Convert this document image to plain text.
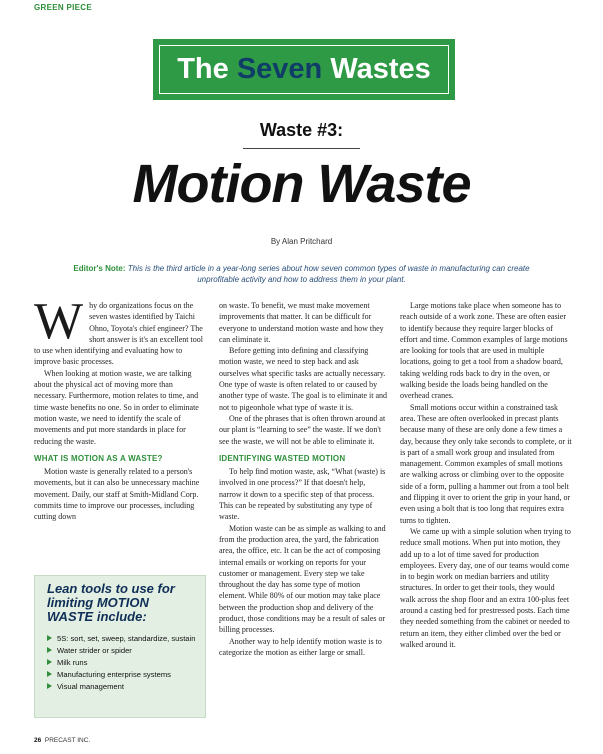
GREEN PIECE
The Seven Wastes
Waste #3:
Motion Waste
By Alan Pritchard
Editor's Note: This is the third article in a year-long series about how seven common types of waste in manufacturing can create unprofitable activity and how to address them in your plant.

Why do organizations focus on the seven wastes identified by Taichi Ohno, Toyota's chief engineer? The short answer is it's an excellent tool to use when identifying and evaluating how to improve basic processes.

When looking at motion waste, we are talking about the physical act of moving more than necessary. Furthermore, motion relates to time, and time waste benefits no one. So in order to eliminate motion waste, we need to identify the scale of movements and put more standards in place for reducing the waste.

WHAT IS MOTION AS A WASTE?

Motion waste is generally related to a person's movements, but it can also be unnecessary machine movement. Daily, our staff at Smith-Midland Corp. commits time to improve our processes, including cutting down

Lean tools to use for limiting MOTION WASTE include:
5S: sort, set, sweep, standardize, sustain
Water strider or spider
Milk runs
Manufacturing enterprise systems
Visual management

on waste. To benefit, we must make movement improvements that matter. It can be difficult for everyone to understand motion waste and how they can eliminate it.

Before getting into defining and classifying motion waste, we need to step back and ask ourselves what specific tasks are actually necessary. One type of waste is often related to or caused by another type of waste. The goal is to eliminate it and not to pigeonhole what type of waste it is.

One of the phrases that is often thrown around at our plant is “learning to see” the waste. If we don't see the waste, we will not be able to eliminate it.

IDENTIFYING WASTED MOTION

To help find motion waste, ask, “What (waste) is involved in one process?” If that doesn't help, narrow it down to a specific step of that process. This can be repeated by substituting any type of waste.

Motion waste can be as simple as walking to and from the production area, the yard, the fabrication area, the office, etc. It can be the act of composing internal emails or working on reports for your customer or management. Every step we take throughout the day has some type of motion element. While 80% of our motion may take place between the production shop and delivery of the product, those conditions may be a result of sales or billing processes.

Another way to help identify motion waste is to categorize the motion as either large or small.

Large motions take place when someone has to reach outside of a work zone. These are often easier to identify because they require larger blocks of effort and time. Common examples of large motions are looking for tools that are used in multiple locations, going to get a tool from a shadow board, taking welding rods back to dry in the oven, or walking beside the loads being handled on the overhead cranes.

Small motions occur within a constrained task area. These are often overlooked in precast plants because many of these are only done a few times a day, because they only take seconds to complete, or it is part of a small work group and insulated from management. Common examples of small motions are walking across or climbing over to the opposite side of a form, pulling a hammer out from a tool belt and flipping it over to orient the grip in your hand, or even using a bolt that is too long that requires extra turns to tighten.

We came up with a simple solution when trying to reduce small motions. When put into motion, they add up to a lot of time saved for production employees. Every day, one of our teams would come in to begin work on median barriers and utility structures. In order to get their tools, they would walk across the shop floor and an extra 100-plus feet around a casting bed for prestressed posts. Each time they needed something from the cabinet or needed to return an item, they either climbed over the bed or walked around it.

26 PRECAST INC.
